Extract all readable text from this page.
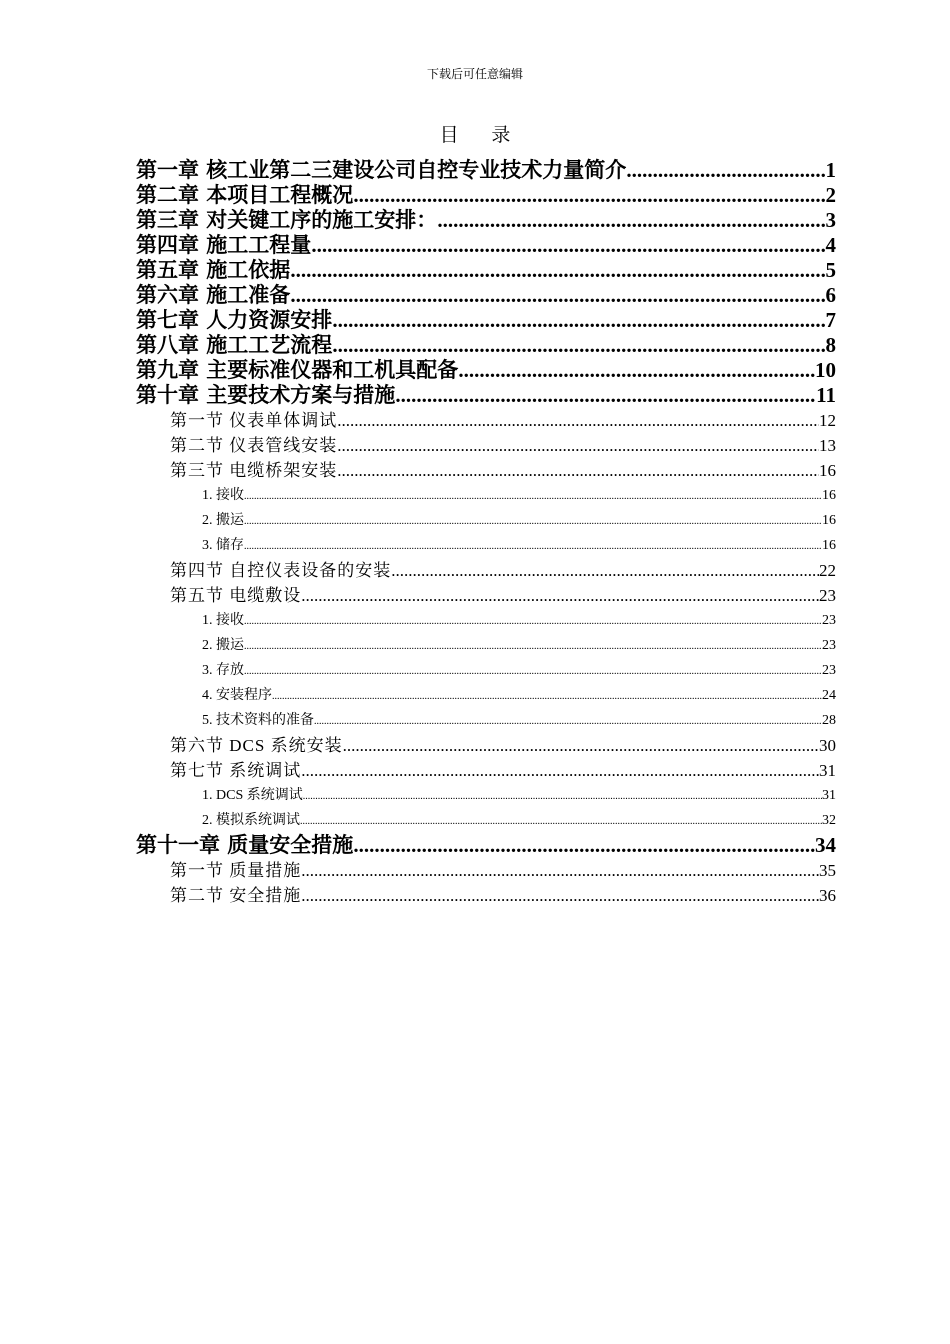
下载后可任意编辑
目 录
第一章 核工业第二三建设公司自控专业技术力量简介 .....	1
第二章 本项目工程概况 .....	2
第三章 对关键工序的施工安排： .....	3
第四章 施工工程量 .....	4
第五章 施工依据 .....	5
第六章 施工准备 .....	6
第七章 人力资源安排 .....	7
第八章 施工工艺流程 .....	8
第九章 主要标准仪器和工机具配备 .....	10
第十章 主要技术方案与措施 .....	11
第一节 仪表单体调试 .....	12
第二节 仪表管线安装 .....	13
第三节 电缆桥架安装 .....	16
1. 接收 .....	16
2. 搬运 .....	16
3. 储存 .....	16
第四节 自控仪表设备的安装 .....	22
第五节 电缆敷设 .....	23
1. 接收 .....	23
2. 搬运 .....	23
3. 存放 .....	23
4. 安装程序 .....	24
5. 技术资料的准备 .....	28
第六节 DCS 系统安装 .....	30
第七节 系统调试 .....	31
1. DCS 系统调试 .....	31
2. 模拟系统调试 .....	32
第十一章 质量安全措施 .....	34
第一节 质量措施 .....	35
第二节 安全措施 .....	36
